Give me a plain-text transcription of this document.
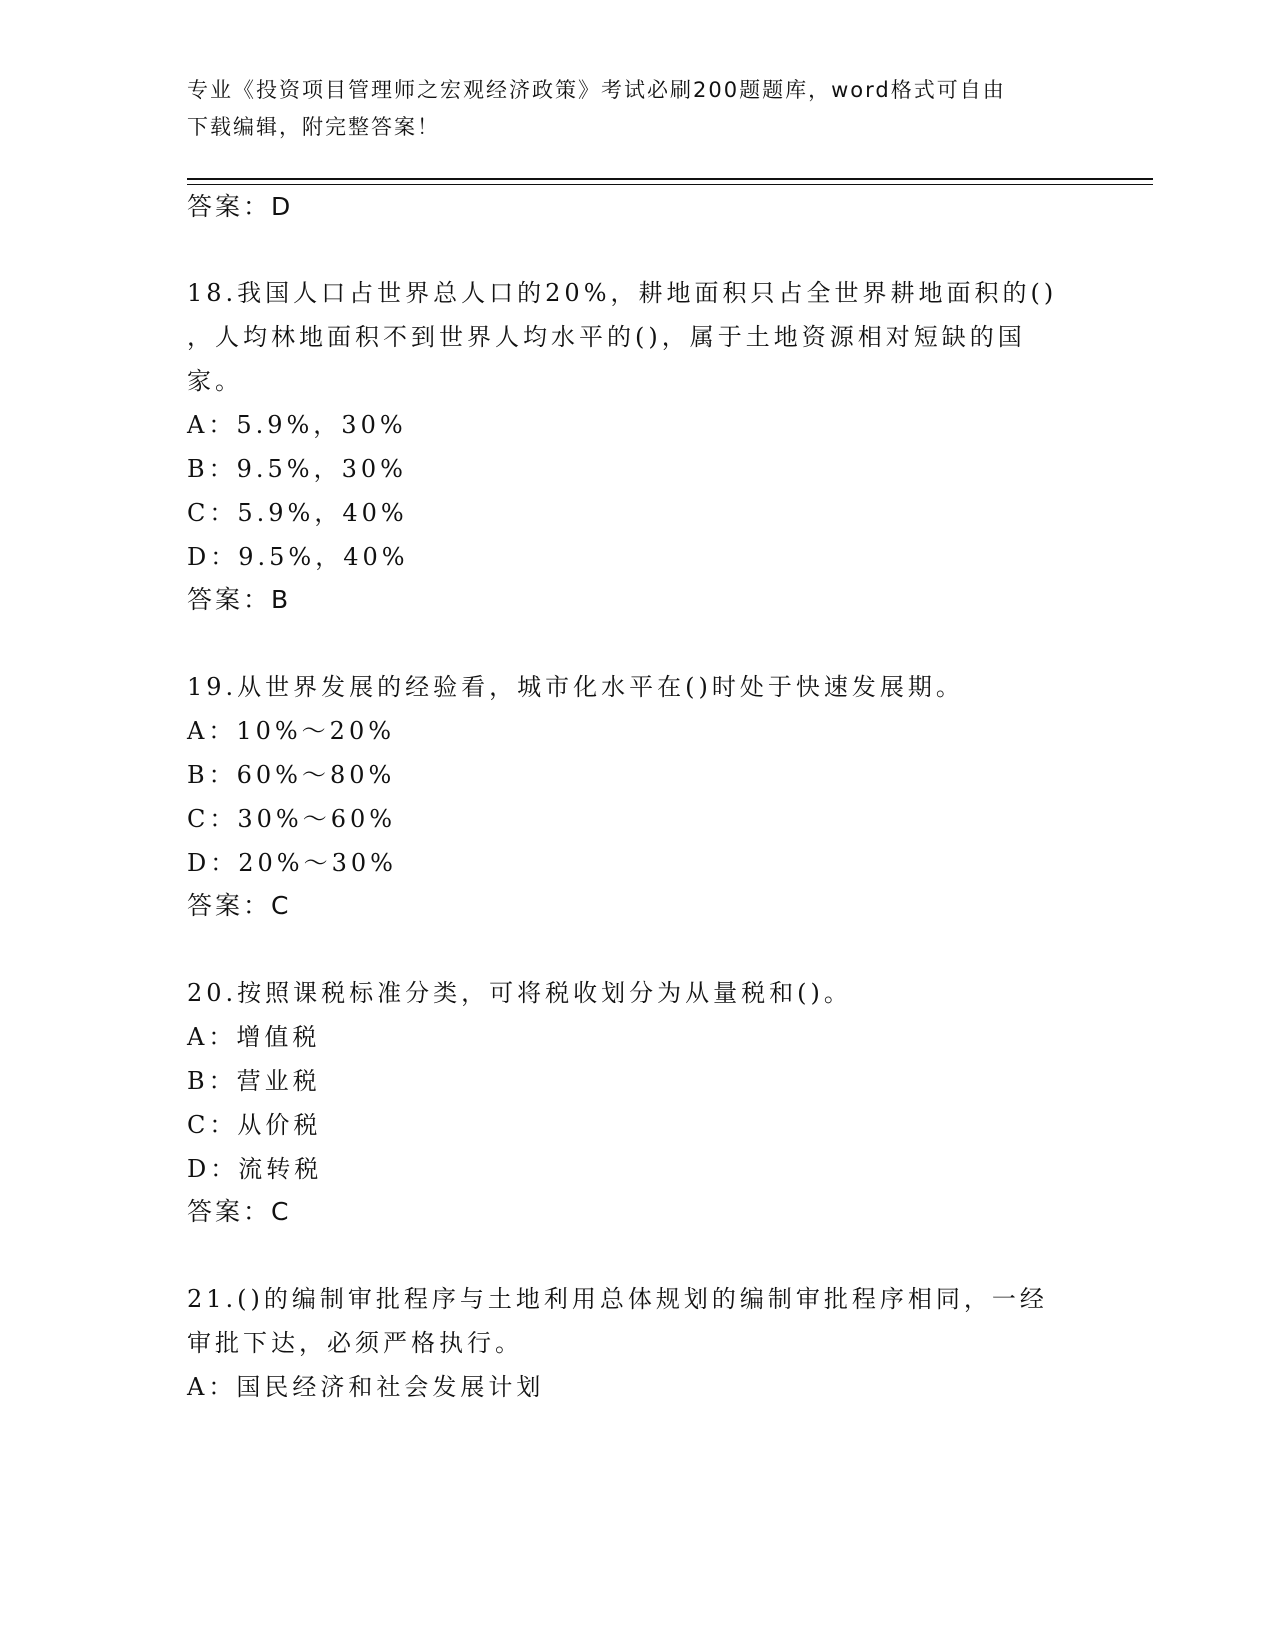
专业《投资项目管理师之宏观经济政策》考试必刷200题题库，word格式可自由
下载编辑，附完整答案！
答案：D
18.我国人口占世界总人口的20%，耕地面积只占全世界耕地面积的()
，人均林地面积不到世界人均水平的()，属于土地资源相对短缺的国
家。
A：5.9%，30%
B：9.5%，30%
C：5.9%，40%
D：9.5%，40%
答案：B
19.从世界发展的经验看，城市化水平在()时处于快速发展期。
A：10%～20%
B：60%～80%
C：30%～60%
D：20%～30%
答案：C
20.按照课税标准分类，可将税收划分为从量税和()。
A：增值税
B：营业税
C：从价税
D：流转税
答案：C
21.()的编制审批程序与土地利用总体规划的编制审批程序相同，一经
审批下达，必须严格执行。
A：国民经济和社会发展计划
